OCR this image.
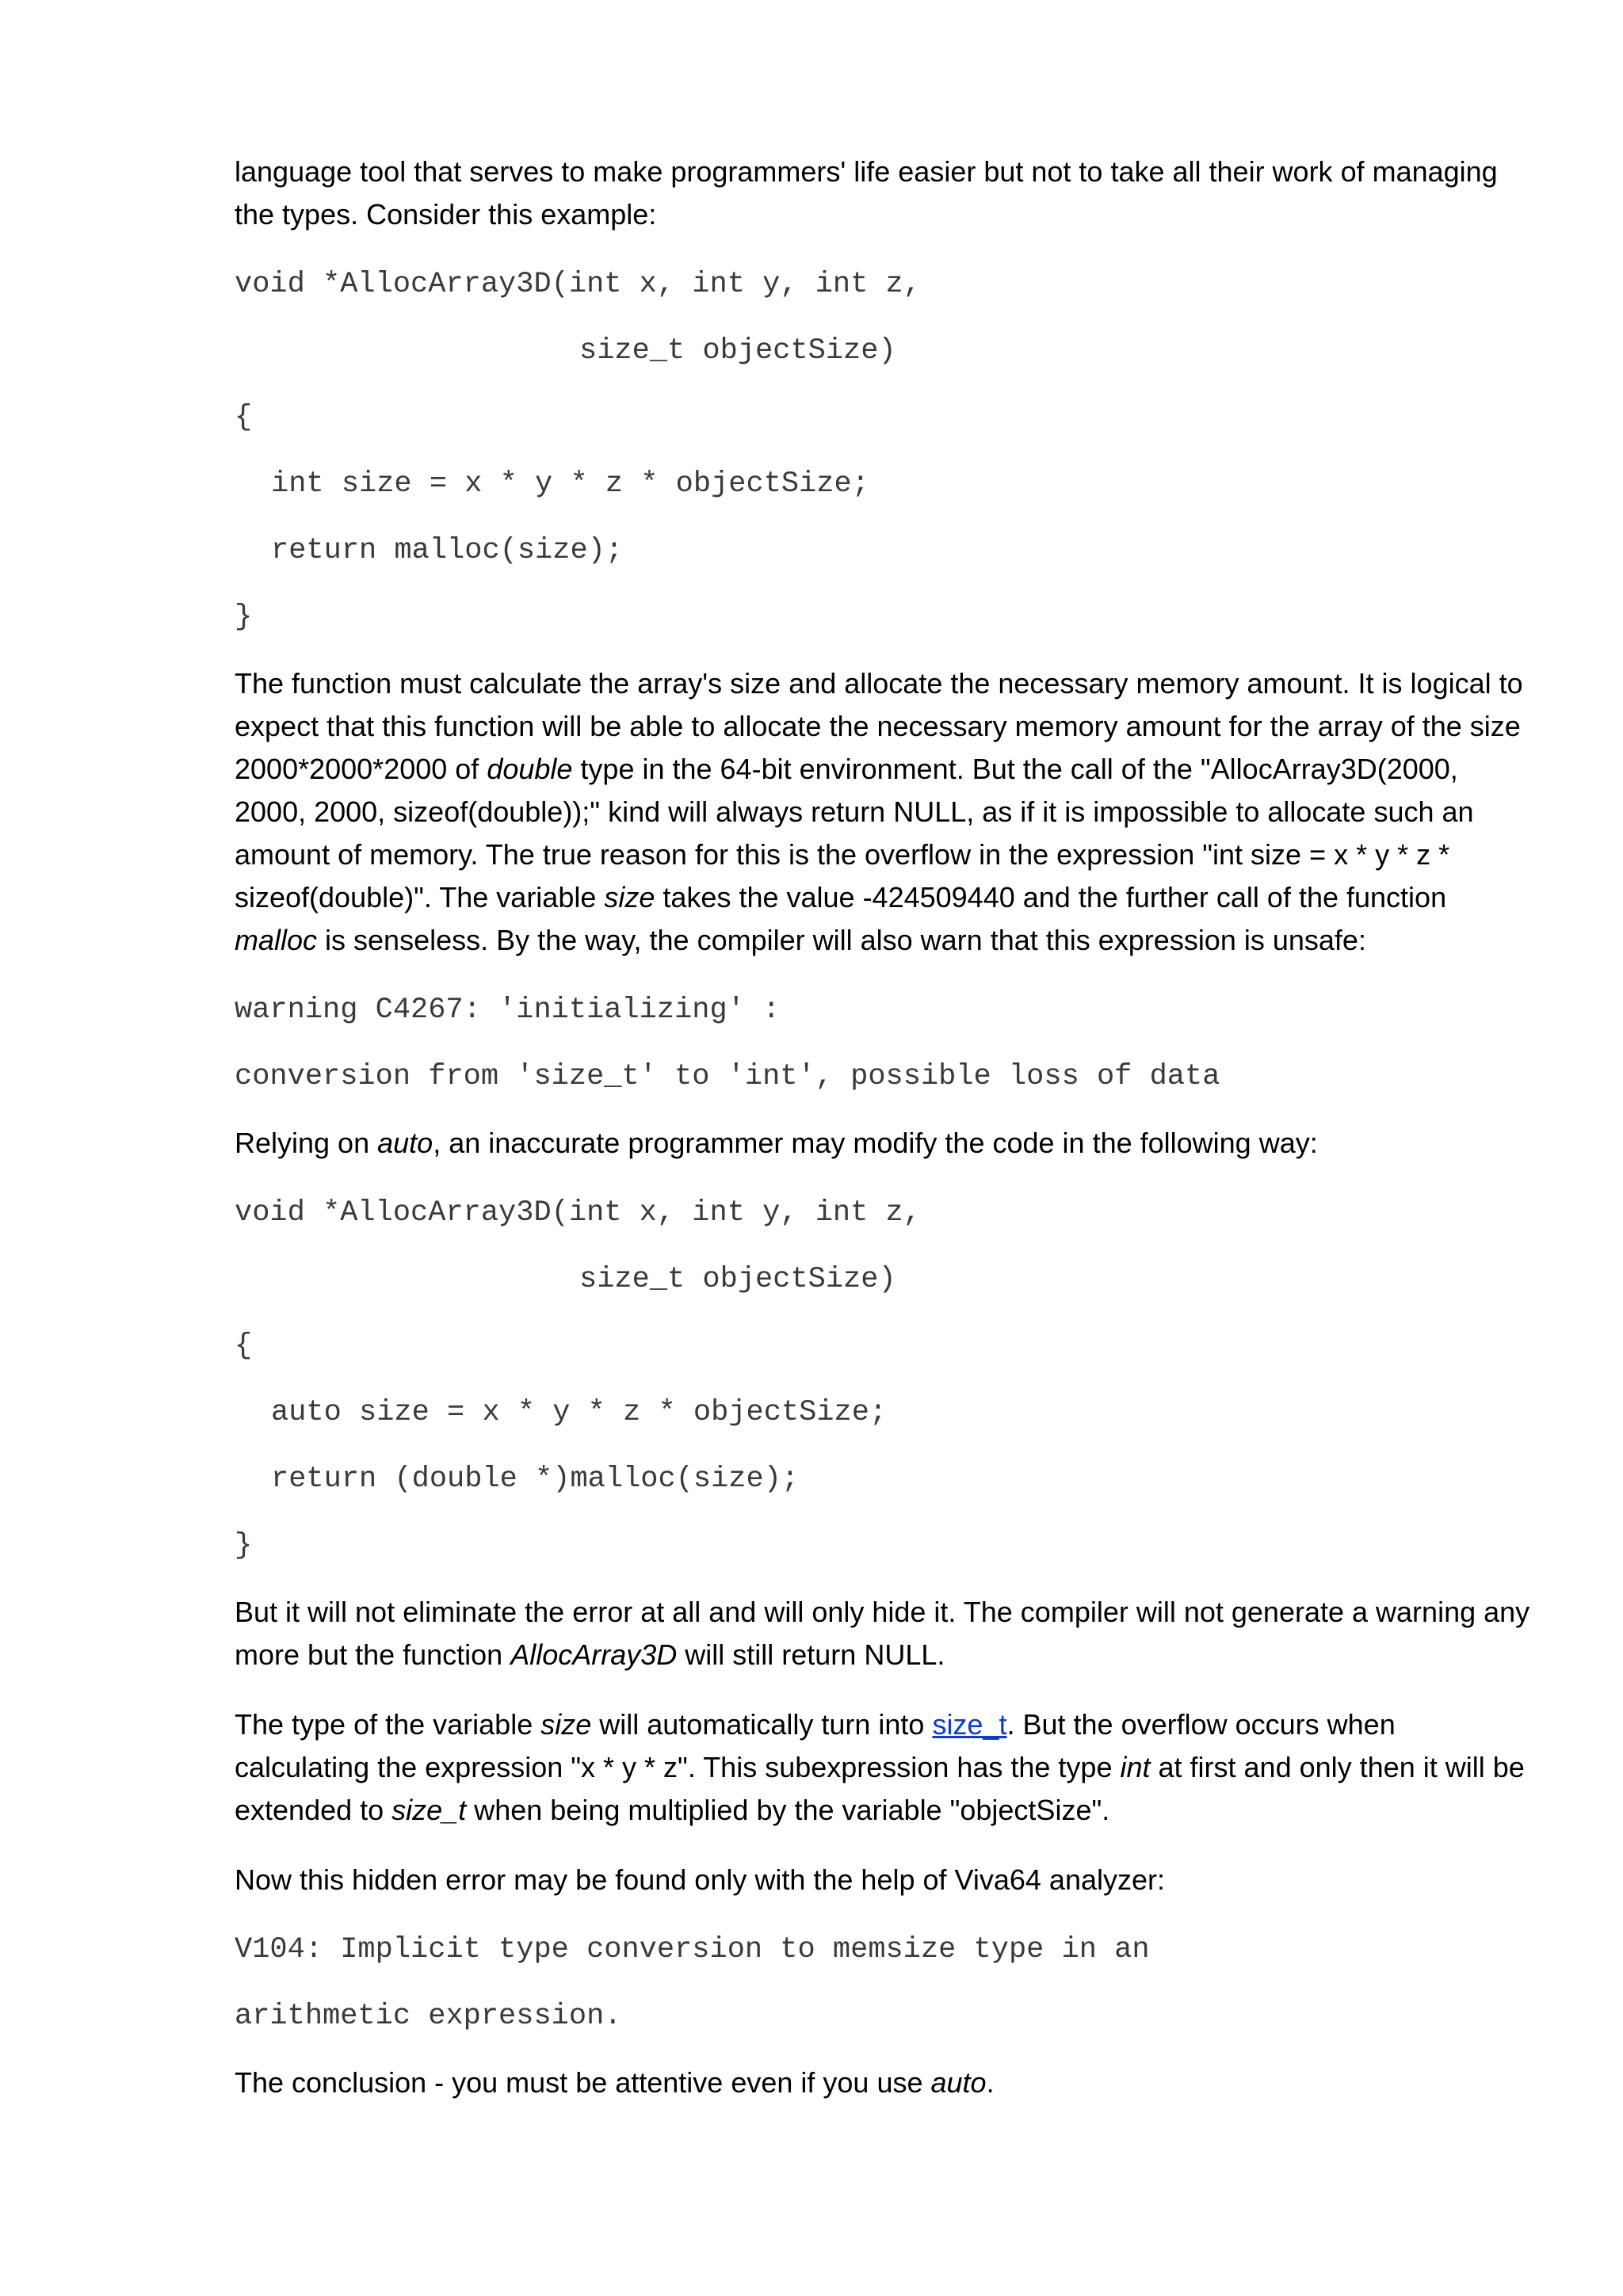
language tool that serves to make programmers' life easier but not to take all their work of managing the types. Consider this example:

void *AllocArray3D(int x, int y, int z,
size_t objectSize)
{
int size = x * y * z * objectSize;
return malloc(size);
}

The function must calculate the array's size and allocate the necessary memory amount. It is logical to expect that this function will be able to allocate the necessary memory amount for the array of the size 2000*2000*2000 of double type in the 64-bit environment. But the call of the "AllocArray3D(2000, 2000, 2000, sizeof(double));" kind will always return NULL, as if it is impossible to allocate such an amount of memory. The true reason for this is the overflow in the expression "int size = x * y * z * sizeof(double)". The variable size takes the value -424509440 and the further call of the function malloc is senseless. By the way, the compiler will also warn that this expression is unsafe:

warning C4267: 'initializing' :
conversion from 'size_t' to 'int', possible loss of data

Relying on auto, an inaccurate programmer may modify the code in the following way:

void *AllocArray3D(int x, int y, int z,
size_t objectSize)
{
auto size = x * y * z * objectSize;
return (double *)malloc(size);
}

But it will not eliminate the error at all and will only hide it. The compiler will not generate a warning any more but the function AllocArray3D will still return NULL.

The type of the variable size will automatically turn into size_t. But the overflow occurs when calculating the expression "x * y * z". This subexpression has the type int at first and only then it will be extended to size_t when being multiplied by the variable "objectSize".

Now this hidden error may be found only with the help of Viva64 analyzer:

V104: Implicit type conversion to memsize type in an
arithmetic expression.

The conclusion - you must be attentive even if you use auto.
